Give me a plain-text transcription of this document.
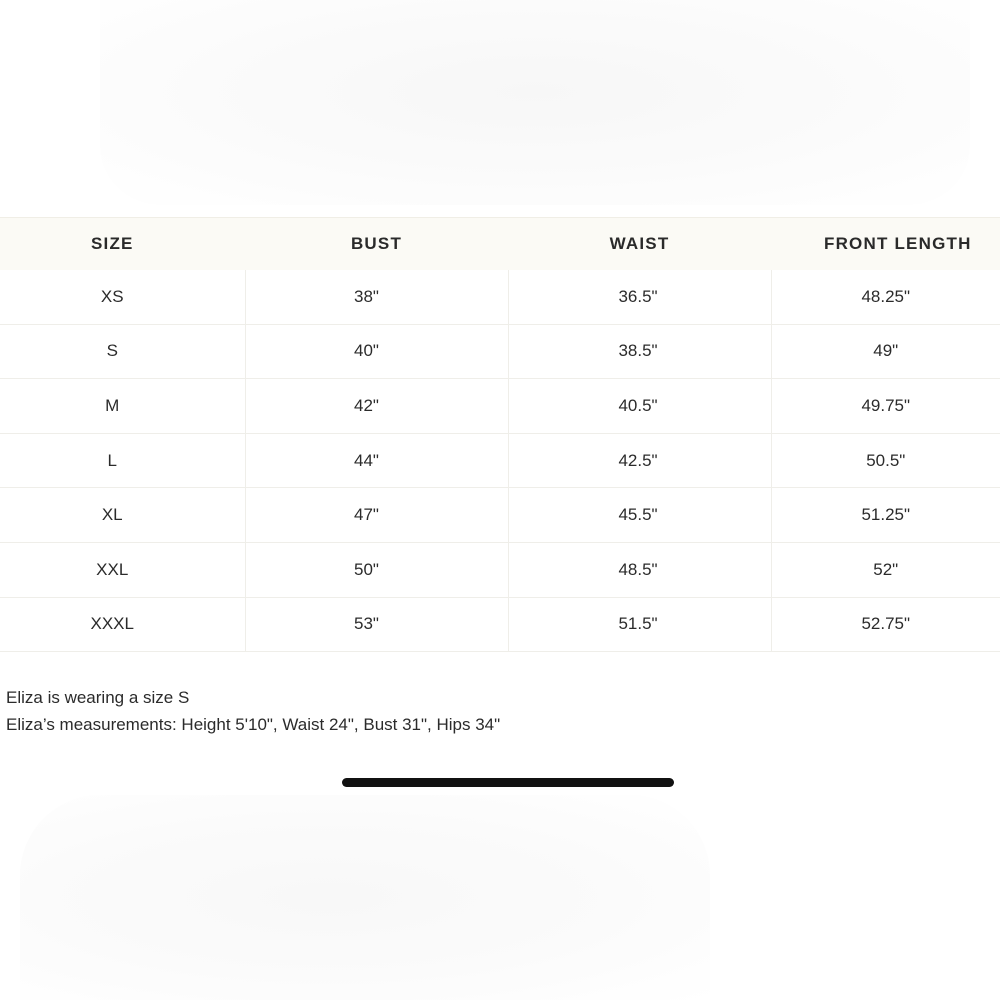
SIZE	BUST	WAIST	FRONT LENGTH
XS	38"	36.5"	48.25"
S	40"	38.5"	49"
M	42"	40.5"	49.75"
L	44"	42.5"	50.5"
XL	47"	45.5"	51.25"
XXL	50"	48.5"	52"
XXXL	53"	51.5"	52.75"
Eliza is wearing a size S
Eliza’s measurements: Height 5'10", Waist 24", Bust 31", Hips 34"
